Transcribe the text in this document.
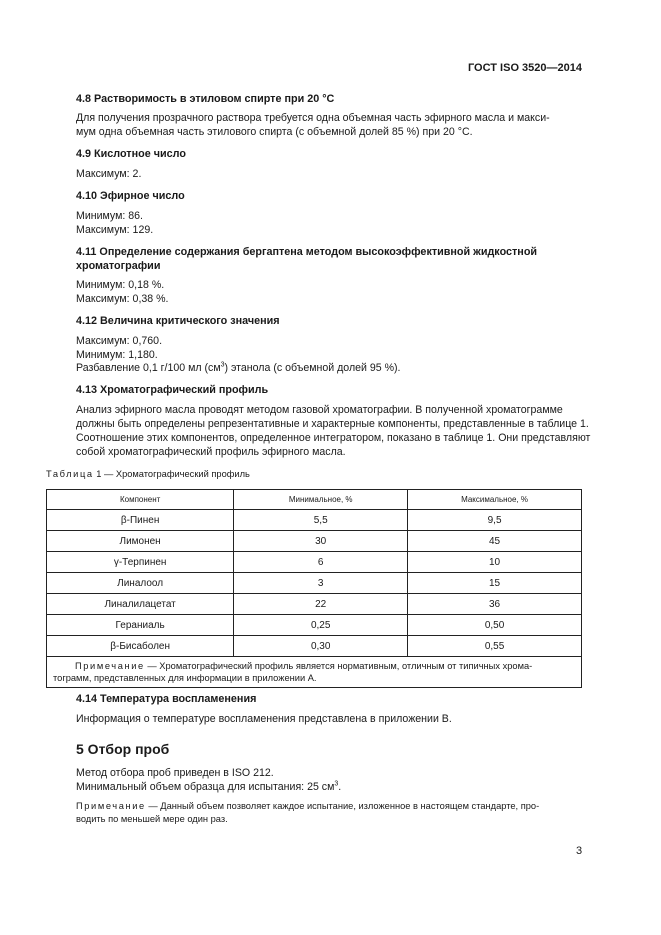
ГОСТ ISO 3520—2014
4.8 Растворимость в этиловом спирте при 20 °С
Для получения прозрачного раствора требуется одна объемная часть эфирного масла и макси-
мум одна объемная часть этилового спирта (с объемной долей 85 %) при 20 °С.
4.9 Кислотное число
Максимум: 2.
4.10 Эфирное число
Минимум: 86.
Максимум: 129.
4.11 Определение содержания бергаптена методом высокоэффективной жидкостной
хроматографии
Минимум: 0,18 %.
Максимум: 0,38 %.
4.12 Величина критического значения
Максимум: 0,760.
Минимум: 1,180.
Разбавление 0,1 г/100 мл $(см^3)$ этанола (с объемной долей 95 %).
4.13 Хроматографический профиль
Анализ эфирного масла проводят методом газовой хроматографии. В полученной хроматограмме
должны быть определены репрезентативные и характерные компоненты, представленные в таблице 1.
Соотношение этих компонентов, определенное интегратором, показано в таблице 1. Они представляют
собой хроматографический профиль эфирного масла.
Таблица 1 — Хроматографический профиль
Компонент	Минимальное, %	Максимальное, %
β-Пинен	5,5	9,5
Лимонен	30	45
γ-Терпинен	6	10
Линалоол	3	15
Линалилацетат	22	36
Гераниаль	0,25	0,50
β-Бисаболен	0,30	0,55

Примечание — Хроматографический профиль является нормативным, отличным от типичных хрома-
тограмм, представленных для информации в приложении А.		
4.14 Температура воспламенения
Информация о температуре воспламенения представлена в приложении В.
5 Отбор проб
Метод отбора проб приведен в ISO 212.
Минимальный объем образца для испытания: 25 $см^3$.
Примечание — Данный объем позволяет каждое испытание, изложенное в настоящем стандарте, про-
водить по меньшей мере один раз.
3
